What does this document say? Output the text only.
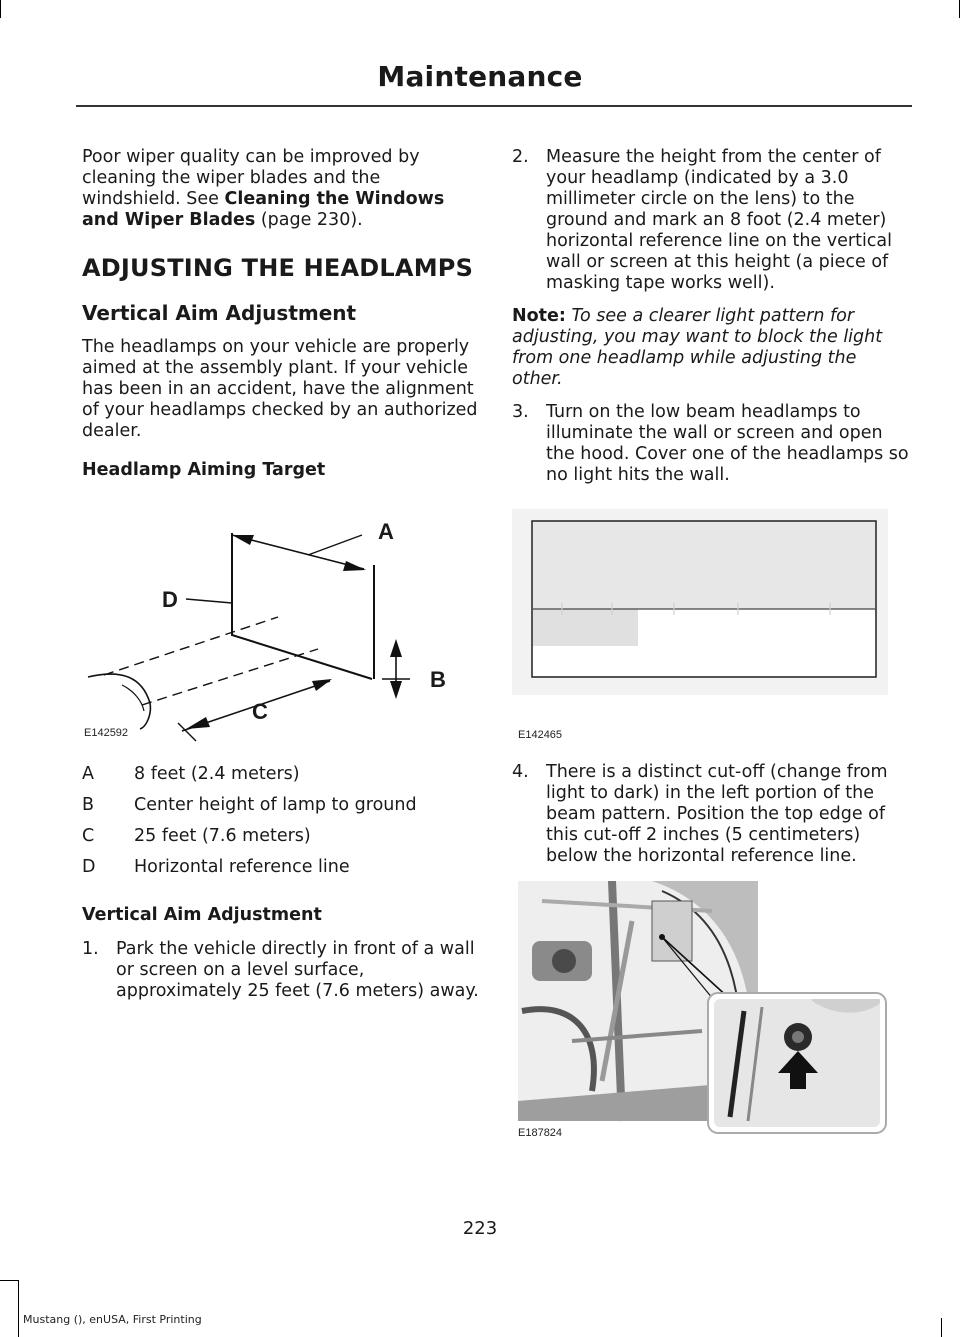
Maintenance

Poor wiper quality can be improved by cleaning the wiper blades and the windshield. See Cleaning the Windows and Wiper Blades (page 230).

ADJUSTING THE HEADLAMPS
Vertical Aim Adjustment

The headlamps on your vehicle are properly aimed at the assembly plant. If your vehicle has been in an accident, have the alignment of your headlamps checked by an authorized dealer.

Headlamp Aiming Target
A
B
C
D
E142592
A	8 feet (2.4 meters)
B	Center height of lamp to ground
C	25 feet (7.6 meters)
D	Horizontal reference line
Vertical Aim Adjustment
1. Park the vehicle directly in front of a wall or screen on a level surface, approximately 25 feet (7.6 meters) away.
2. Measure the height from the center of your headlamp (indicated by a 3.0 millimeter circle on the lens) to the ground and mark an 8 foot (2.4 meter) horizontal reference line on the vertical wall or screen at this height (a piece of masking tape works well).

Note: To see a clearer light pattern for adjusting, you may want to block the light from one headlamp while adjusting the other.

3. Turn on the low beam headlamps to illuminate the wall or screen and open the hood. Cover one of the headlamps so no light hits the wall.
E142465
4. There is a distinct cut-off (change from light to dark) in the left portion of the beam pattern. Position the top edge of this cut-off 2 inches (5 centimeters) below the horizontal reference line.
E187824
223
Mustang (), enUSA, First Printing
